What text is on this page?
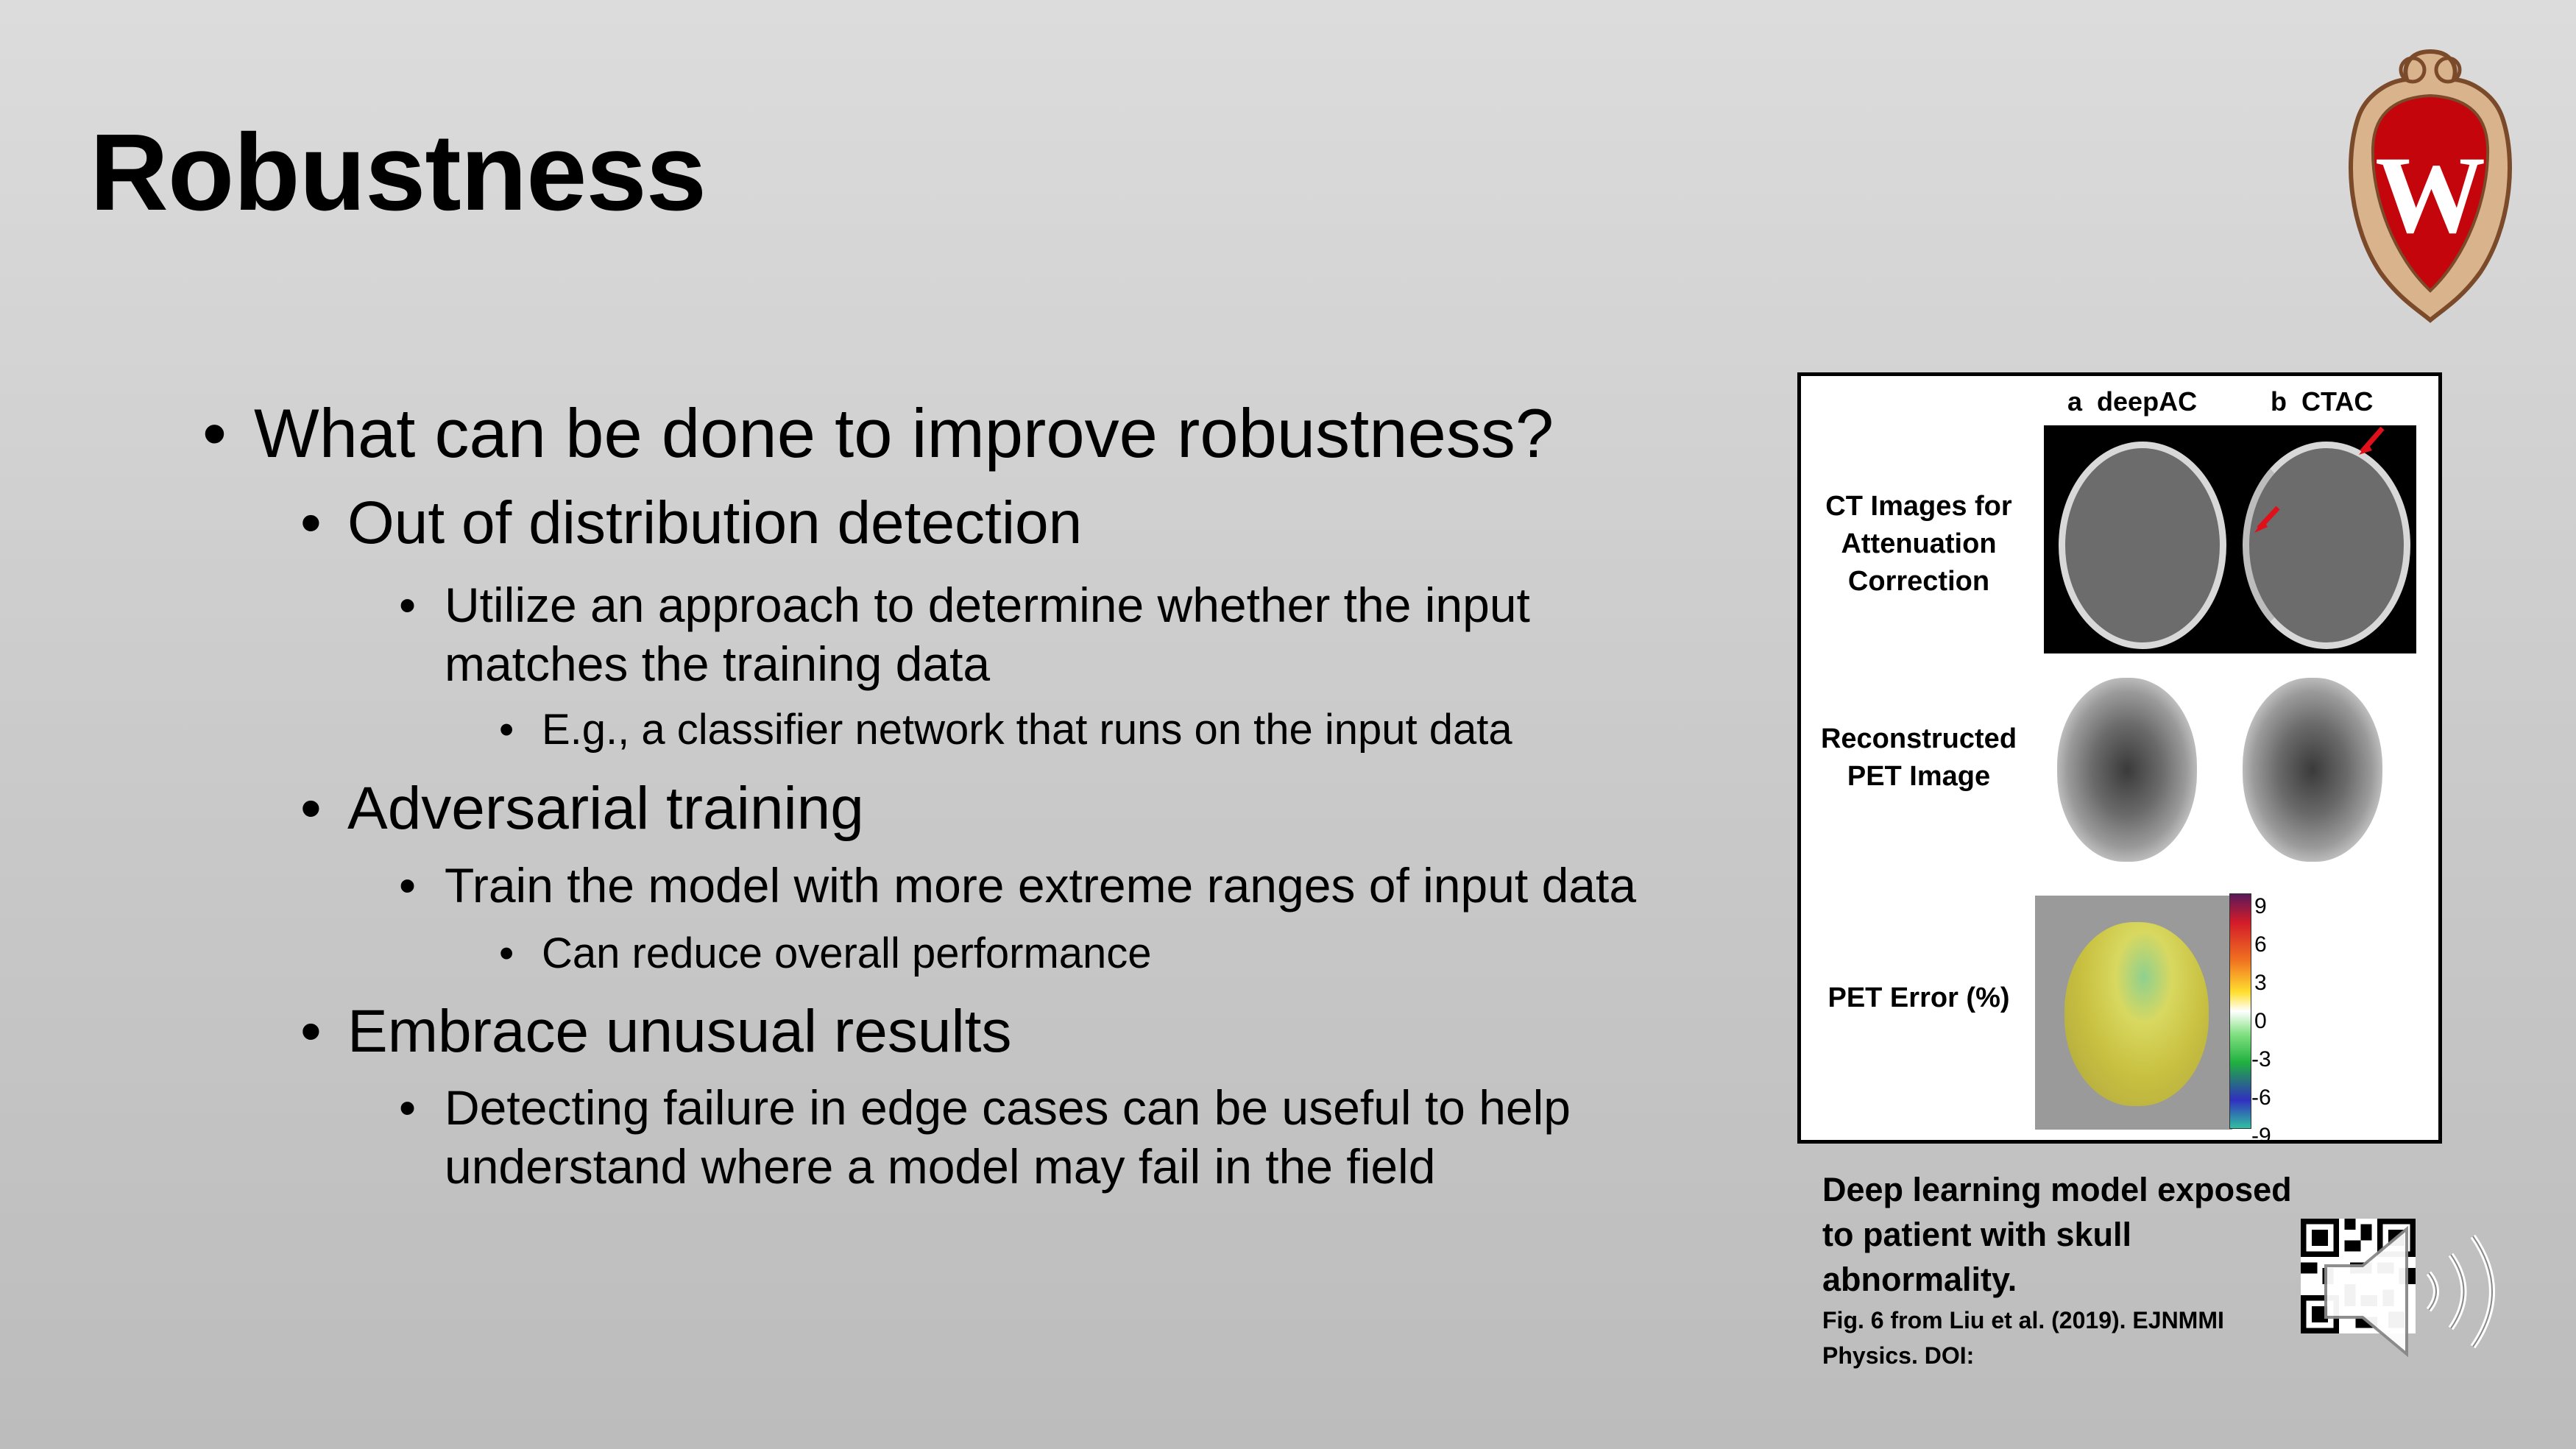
Robustness
• What can be done to improve robustness?
• Out of distribution detection
• Utilize an approach to determine whether the input
matches the training data
• E.g., a classifier network that runs on the input data
• Adversarial training
• Train the model with more extreme ranges of input data
• Can reduce overall performance
• Embrace unusual results
• Detecting failure in edge cases can be useful to help
understand where a model may fail in the field
W
a deepAC	b CTAC
CT Images for
Attenuation
Correction
Reconstructed
PET Image
PET Error (%)
9
6
3
0
-3
-6
-9
Deep learning model exposed
to patient with skull
abnormality.
Fig. 6 from Liu et al. (2019). EJNMMI
Physics. DOI:
